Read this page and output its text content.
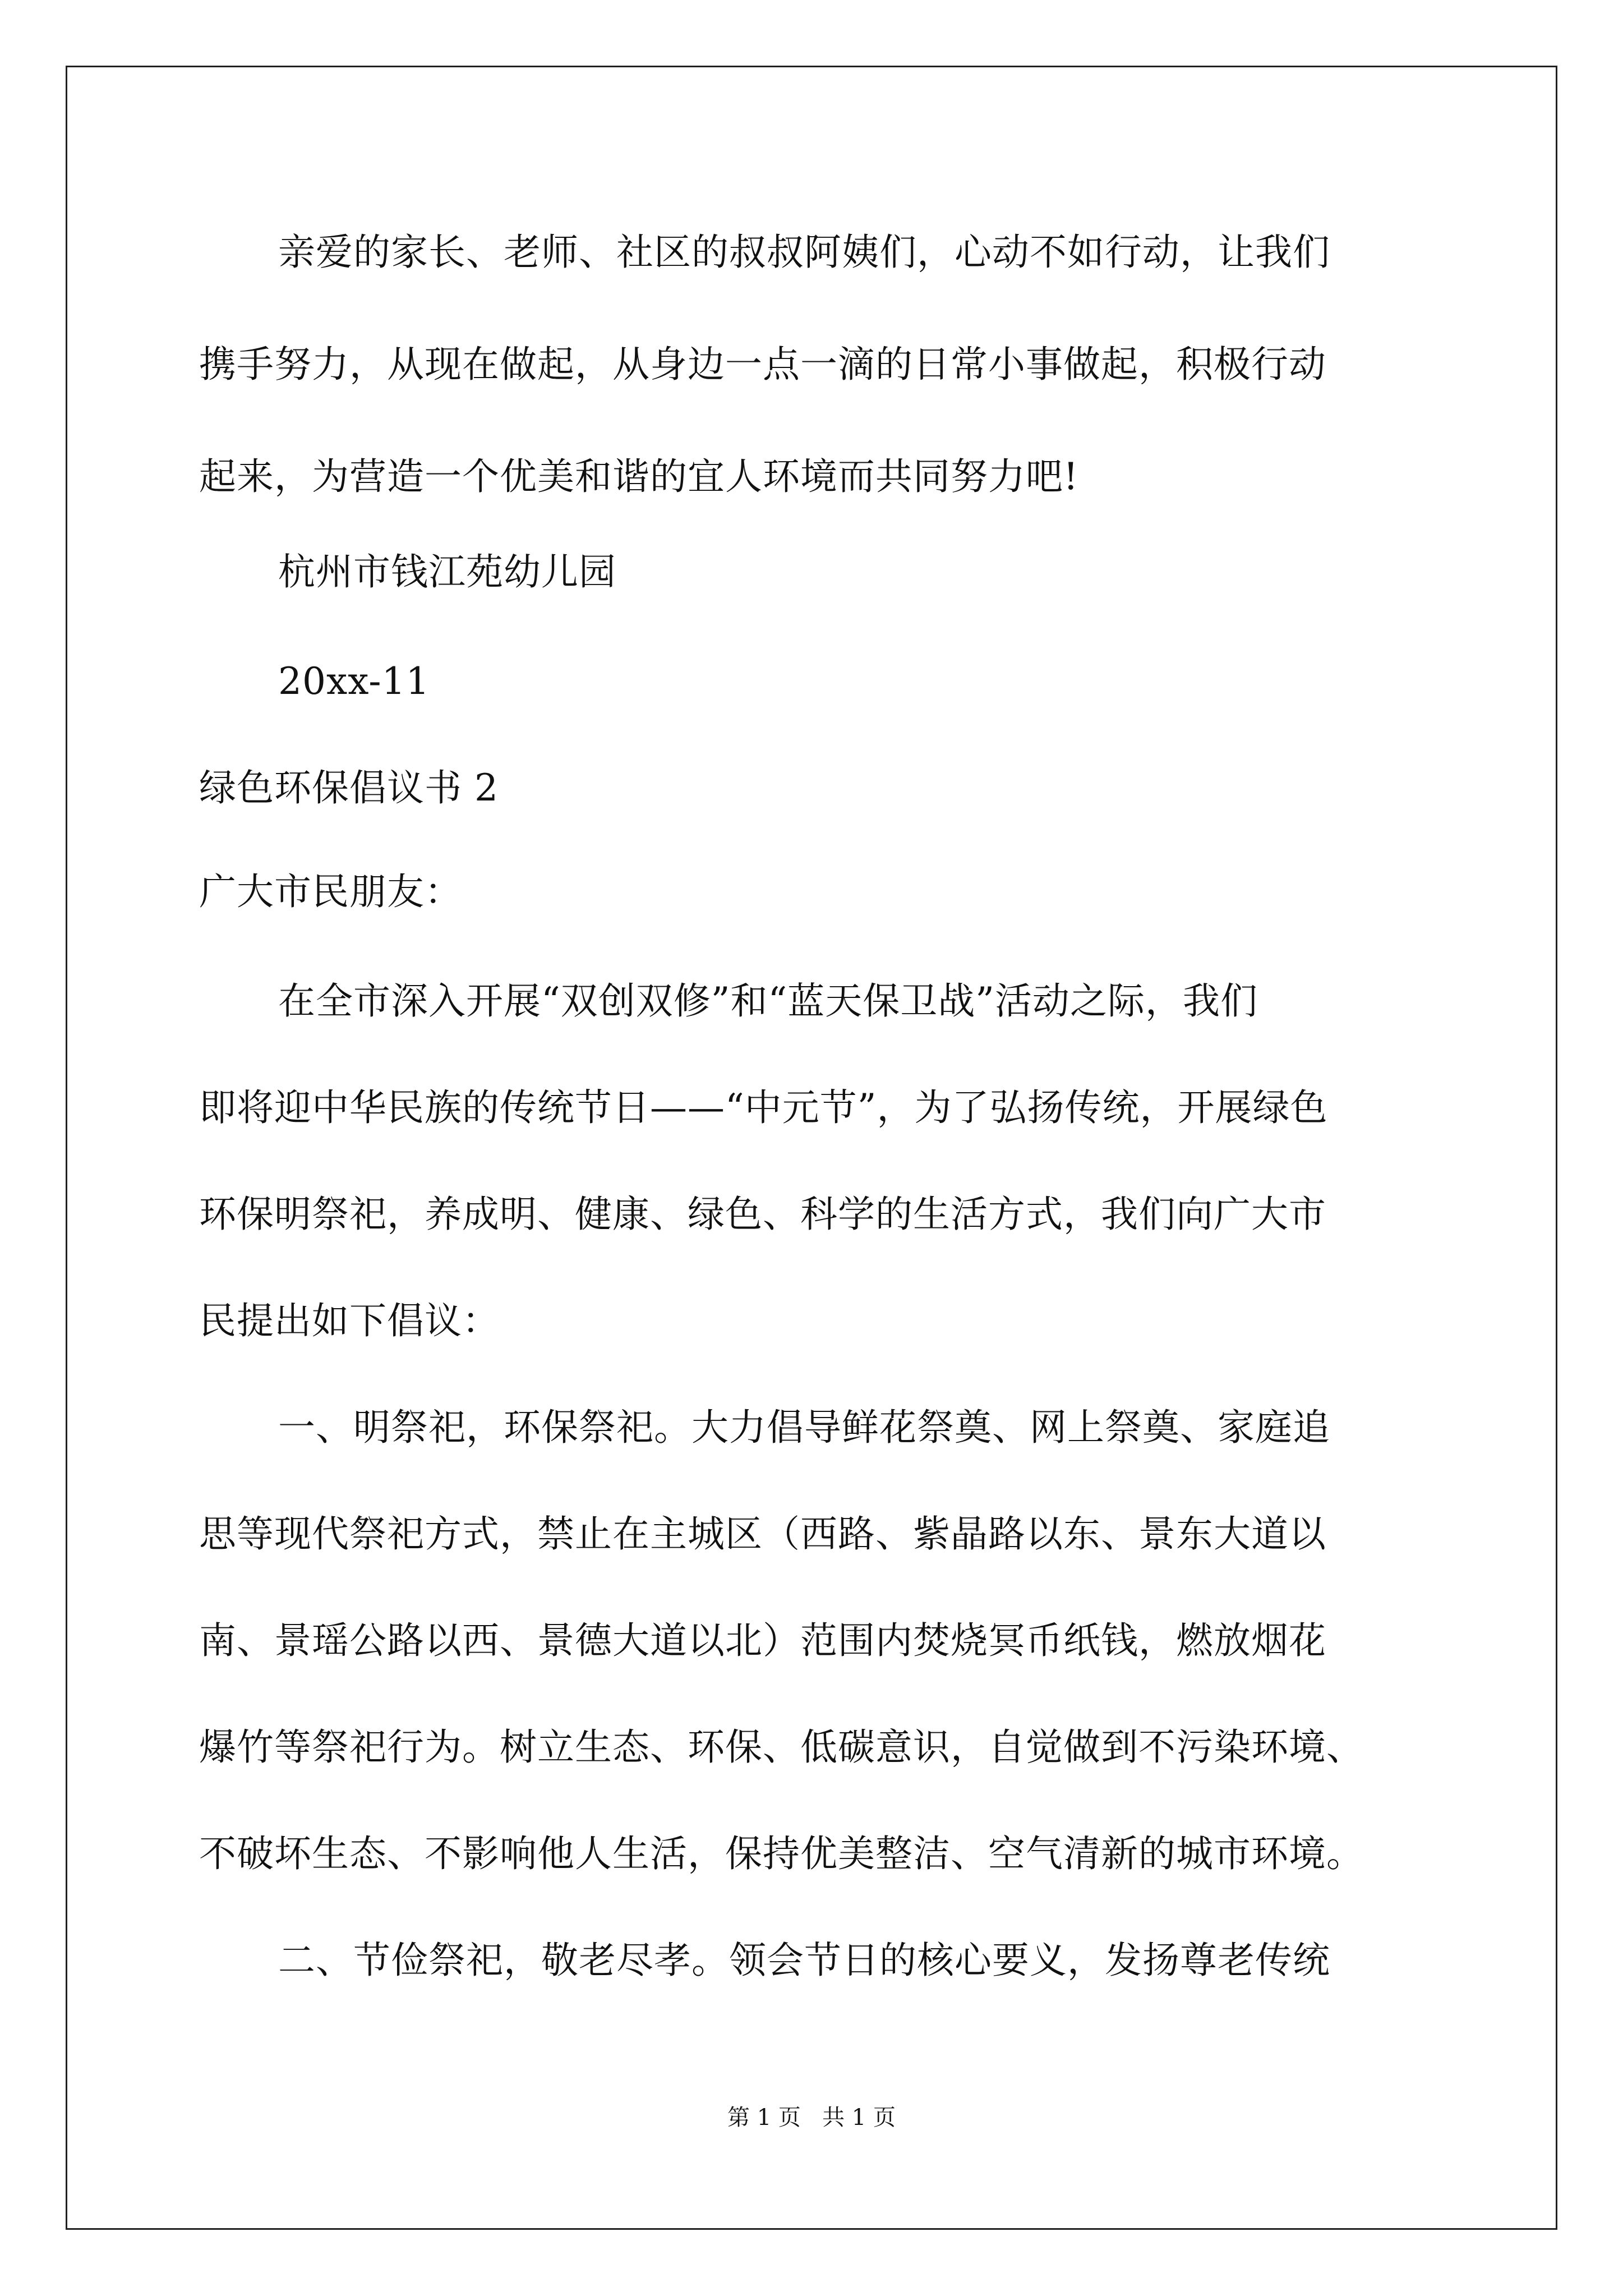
亲爱的家长、老师、社区的叔叔阿姨们，心动不如行动，让我们
携手努力，从现在做起，从身边一点一滴的日常小事做起，积极行动
起来，为营造一个优美和谐的宜人环境而共同努力吧!
杭州市钱江苑幼儿园
20xx-11
绿色环保倡议书 2
广大市民朋友：
在全市深入开展“双创双修”和“蓝天保卫战”活动之际，我们
即将迎中华民族的传统节日——“中元节”，为了弘扬传统，开展绿色
环保明祭祀，养成明、健康、绿色、科学的生活方式，我们向广大市
民提出如下倡议：
一、明祭祀，环保祭祀。大力倡导鲜花祭奠、网上祭奠、家庭追
思等现代祭祀方式，禁止在主城区（西路、紫晶路以东、景东大道以
南、景瑶公路以西、景德大道以北）范围内焚烧冥币纸钱，燃放烟花
爆竹等祭祀行为。树立生态、环保、低碳意识，自觉做到不污染环境、
不破坏生态、不影响他人生活，保持优美整洁、空气清新的城市环境。
二、节俭祭祀，敬老尽孝。领会节日的核心要义，发扬尊老传统
第 1 页   共 1 页
